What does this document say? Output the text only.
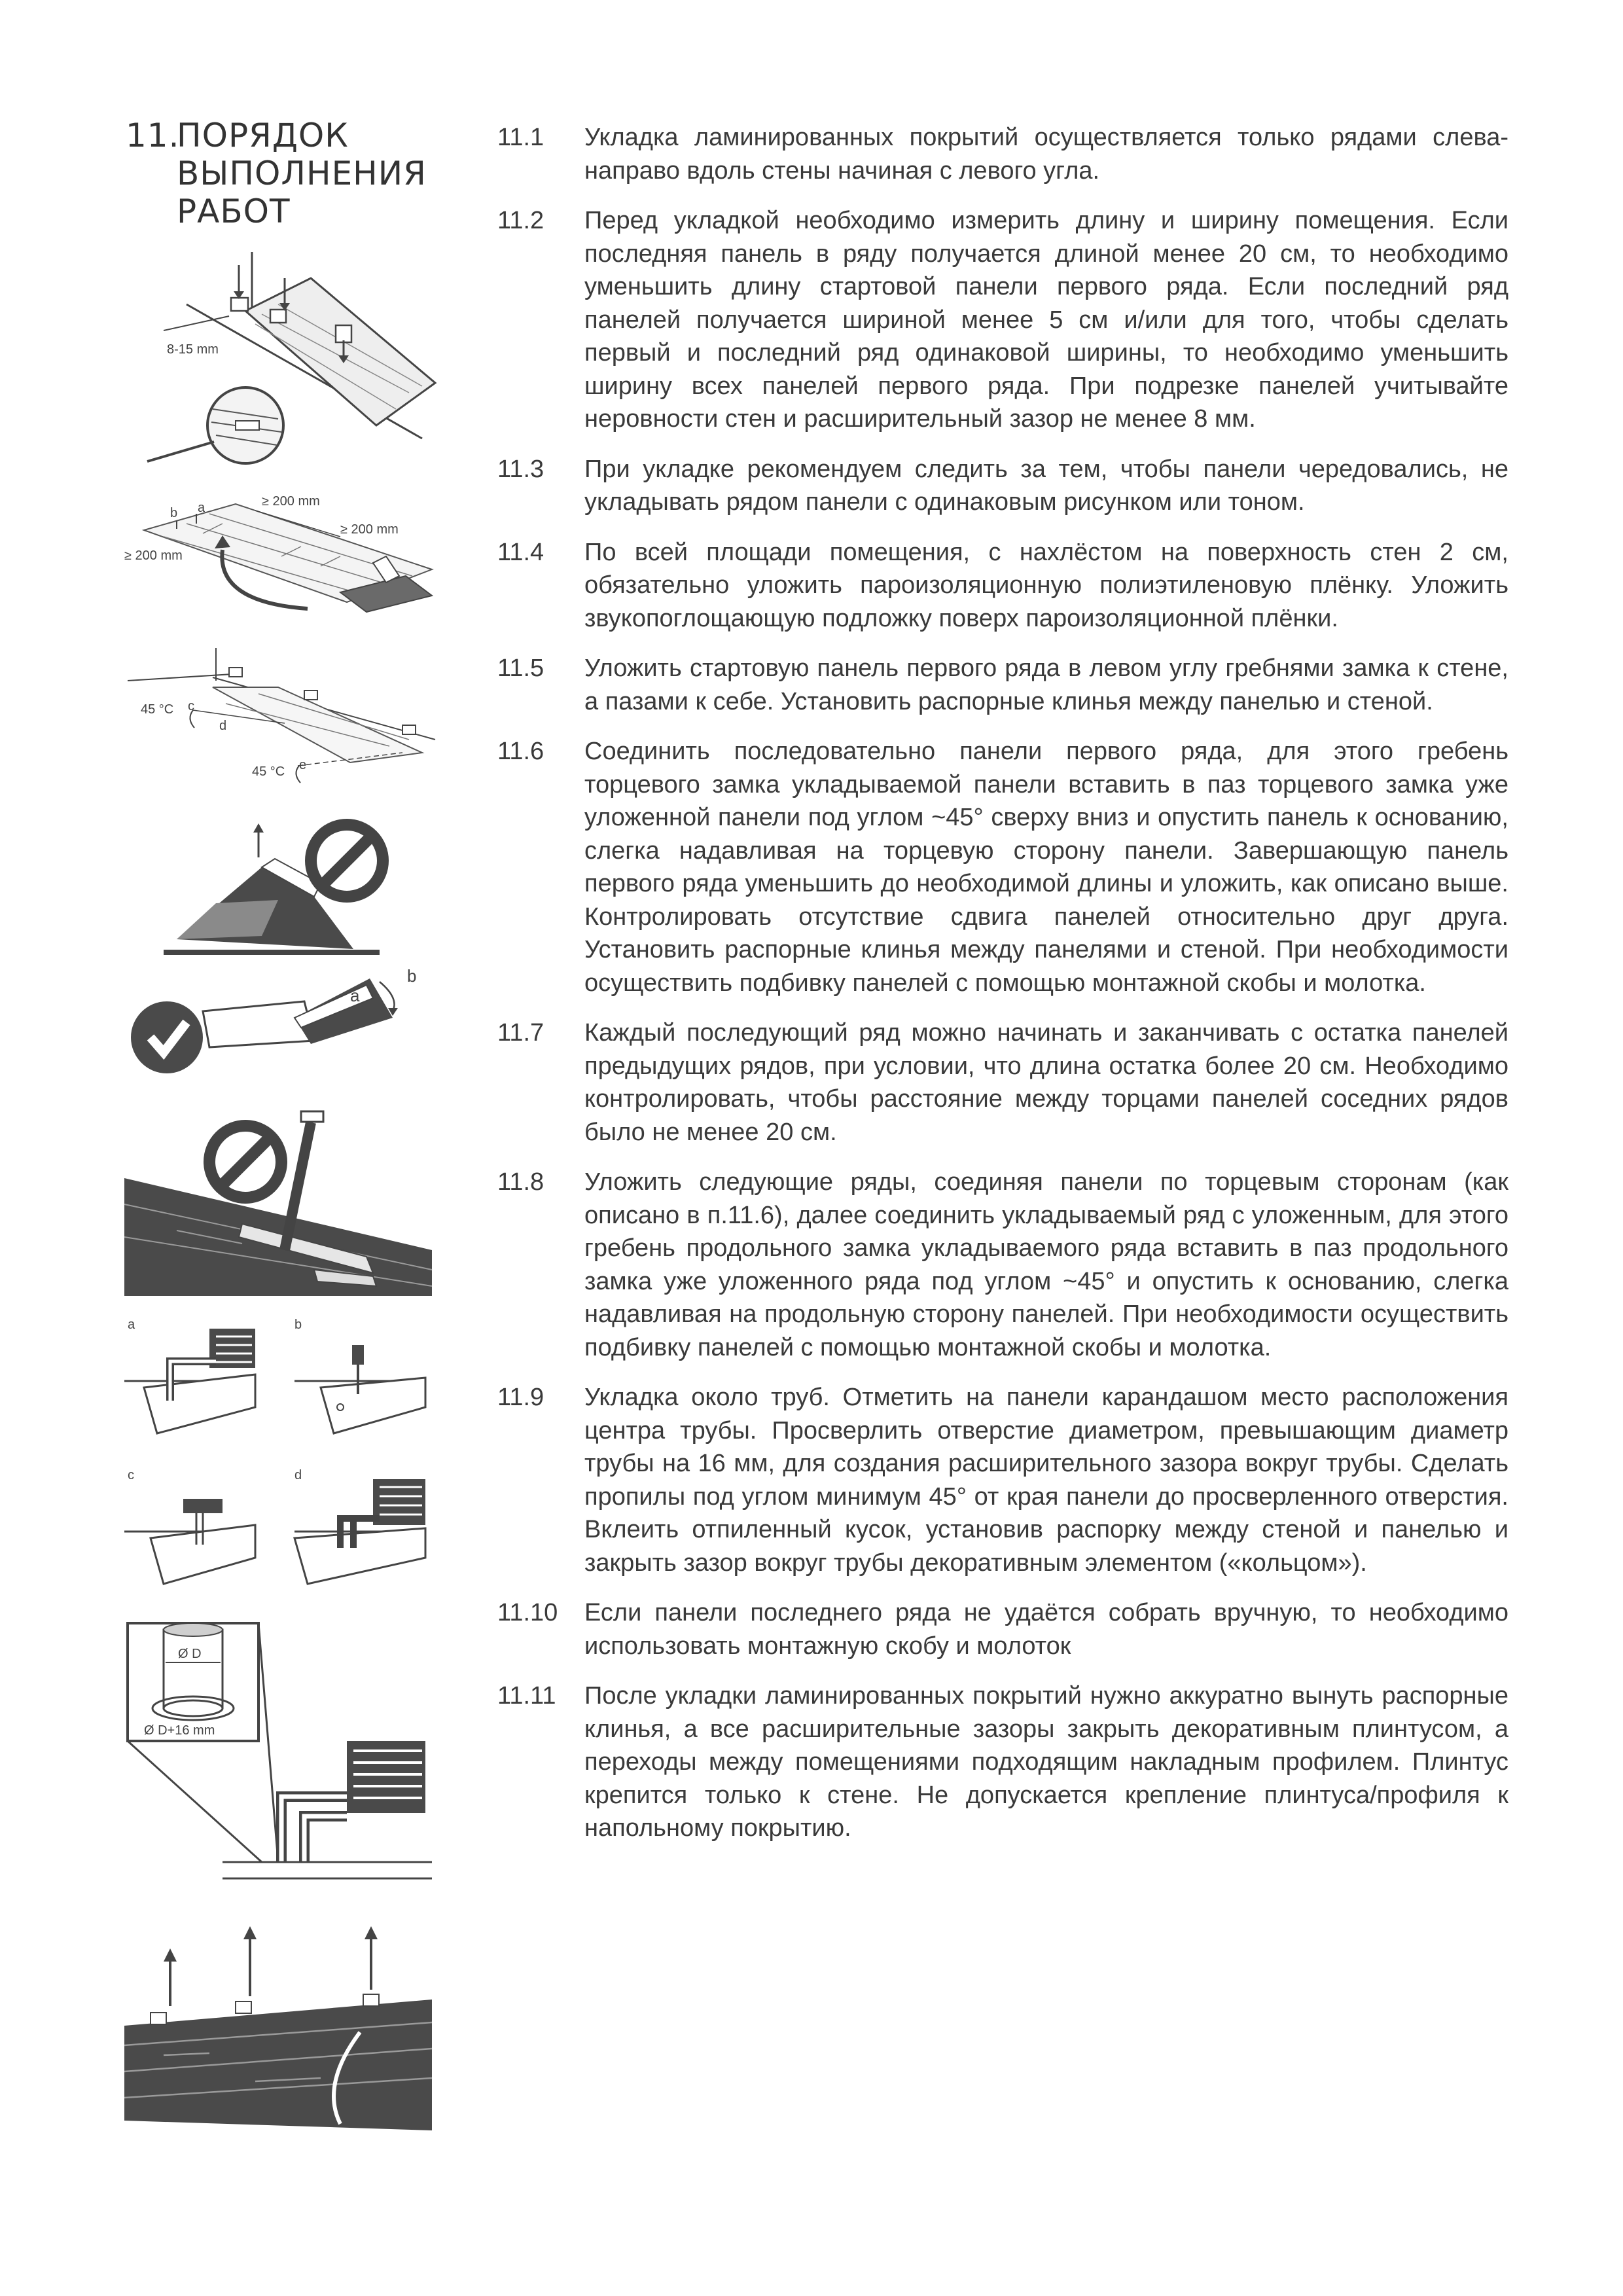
11.
ПОРЯДОК ВЫПОЛНЕНИЯ РАБОТ
11.1	Укладка ламинированных покрытий осуществляется только рядами слева-направо вдоль стены начиная с левого угла.
11.2	Перед укладкой необходимо измерить длину и ширину помещения. Если последняя панель в ряду получается длиной менее 20 см, то необходимо уменьшить длину стартовой панели первого ряда. Если последний ряд панелей получается шириной менее 5 см и/или для того, чтобы сделать первый и последний ряд одинаковой ширины, то необходимо уменьшить ширину всех панелей первого ряда. При подрезке панелей учитывайте неровности стен и расширительный зазор не менее 8 мм.
11.3	При укладке рекомендуем следить за тем, чтобы панели чередовались, не укладывать рядом панели с одинаковым рисунком или тоном.
11.4	По всей площади помещения, с нахлёстом на поверхность стен 2 см, обязательно уложить пароизоляционную полиэтиленовую плёнку. Уложить звукопоглощающую подложку поверх пароизоляционной плёнки.
11.5	Уложить стартовую панель первого ряда в левом углу гребнями замка к стене, а пазами к себе. Установить распорные клинья между панелью и стеной.
11.6	Соединить последовательно панели первого ряда, для этого гребень торцевого замка укладываемой панели вставить в паз торцевого замка уже уложенной панели под углом ~45° сверху вниз и опустить панель к основанию, слегка надавливая на торцевую сторону панели. Завершающую панель первого ряда уменьшить до необходимой длины и уложить, как описано выше. Контролировать отсутствие сдвига панелей относительно друг друга. Установить распорные клинья между панелями и стеной. При необходимости осуществить подбивку панелей с помощью монтажной скобы и молотка.
11.7	Каждый последующий ряд можно начинать и заканчивать с остатка панелей предыдущих рядов, при условии, что длина остатка более 20 см. Необходимо контролировать, чтобы расстояние между торцами панелей соседних рядов было не менее 20 см.
11.8	Уложить следующие ряды, соединяя панели по торцевым сторонам (как описано в п.11.6), далее соединить укладываемый ряд с уложенным, для этого гребень продольного замка укладываемого ряда вставить в паз продольного замка уже уложенного ряда под углом ~45° и опустить к основанию, слегка надавливая на продольную сторону панелей. При необходимости осуществить подбивку панелей с помощью монтажной скобы и молотка.
11.9	Укладка около труб. Отметить на панели карандашом место расположения центра трубы. Просверлить отверстие диаметром, превышающим диаметр трубы на 16 мм, для создания расширительного зазора вокруг трубы. Сделать пропилы под углом минимум 45° от края панели до просверленного отверстия. Вклеить отпиленный кусок, установив распорку между стеной и панелью и закрыть зазор вокруг трубы декоративным элементом («кольцом»).
11.10	Если панели последнего ряда не удаётся собрать вручную, то необходимо использовать монтажную скобу и молоток
11.11	После укладки ламинированных покрытий нужно аккуратно вынуть распорные клинья, а все расширительные зазоры закрыть декоративным плинтусом, а переходы между помещениями подходящим накладным профилем. Плинтус крепится только к стене. Не допускается крепление плинтуса/профиля к напольному покрытию.
8-15 mm
b a	≥ 200 mm
≥ 200 mm
≥ 200 mm
45 °C c
d
45 °C e
a
b
a	b
c	d
Ø D
Ø D+16 mm
